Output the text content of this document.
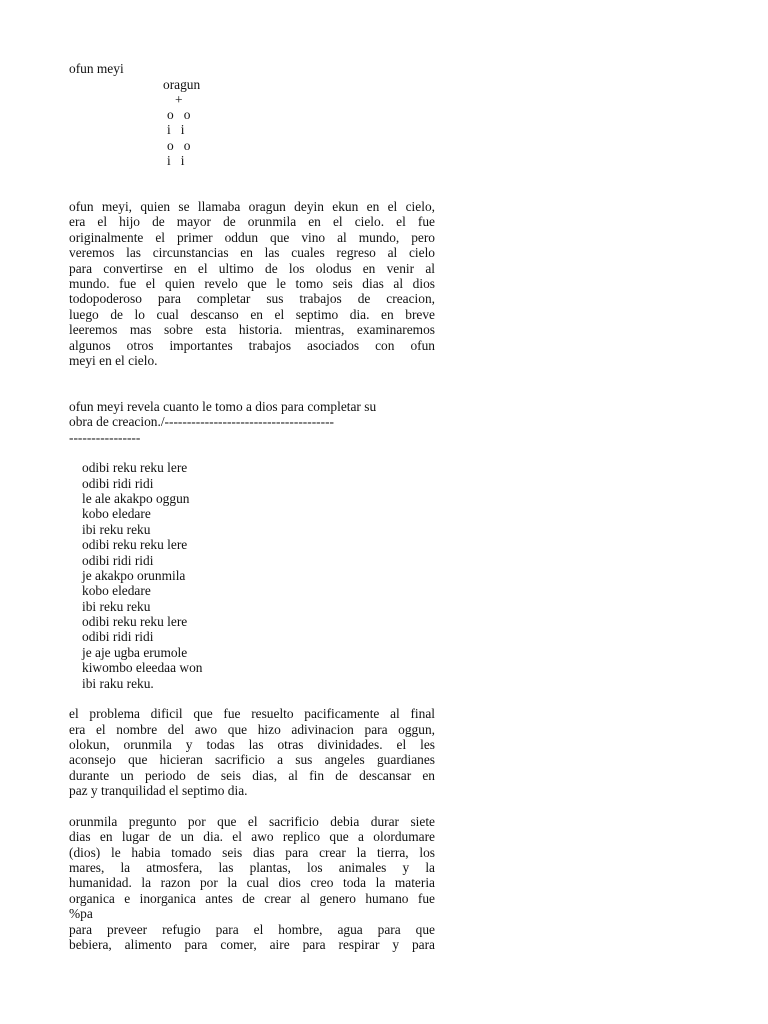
ofun meyi
oragun
+
o   o
i   i
o   o
i   i
ofun meyi, quien se llamaba oragun deyin ekun en el cielo,
era el hijo de mayor de orunmila en el cielo. el fue
originalmente el primer oddun que vino al mundo, pero
veremos las circunstancias en las cuales regreso al cielo
para convertirse en el ultimo de los olodus en venir al
mundo. fue el quien revelo que le tomo seis dias al dios
todopoderoso para completar sus trabajos de creacion,
luego de lo cual descanso en el septimo dia. en breve
leeremos mas sobre esta historia. mientras, examinaremos
algunos otros importantes trabajos asociados con ofun
meyi en el cielo.
ofun meyi revela cuanto le tomo a dios para completar su
obra de creacion./--------------------------------------
----------------
odibi reku reku lere
odibi ridi ridi
le ale akakpo oggun
kobo eledare
ibi reku reku
odibi reku reku lere
odibi ridi ridi
je akakpo orunmila
kobo eledare
ibi reku reku
odibi reku reku lere
odibi ridi ridi
je aje ugba erumole
kiwombo eleedaa won
ibi raku reku.
el problema dificil que fue resuelto pacificamente al final
era el nombre del awo que hizo adivinacion para oggun,
olokun, orunmila y todas las otras divinidades. el les
aconsejo que hicieran sacrificio a sus angeles guardianes
durante un periodo de seis dias, al fin de descansar en
paz y tranquilidad el septimo dia.
orunmila pregunto por que el sacrificio debia durar siete
dias en lugar de un dia. el awo replico que a olordumare
(dios) le habia tomado seis dias para crear la tierra, los
mares, la atmosfera, las plantas, los animales y la
humanidad. la razon por la cual dios creo toda la materia
organica e inorganica antes de crear al genero humano fue
%pa
para preveer refugio para el hombre, agua para que
bebiera, alimento para comer, aire para respirar y para
